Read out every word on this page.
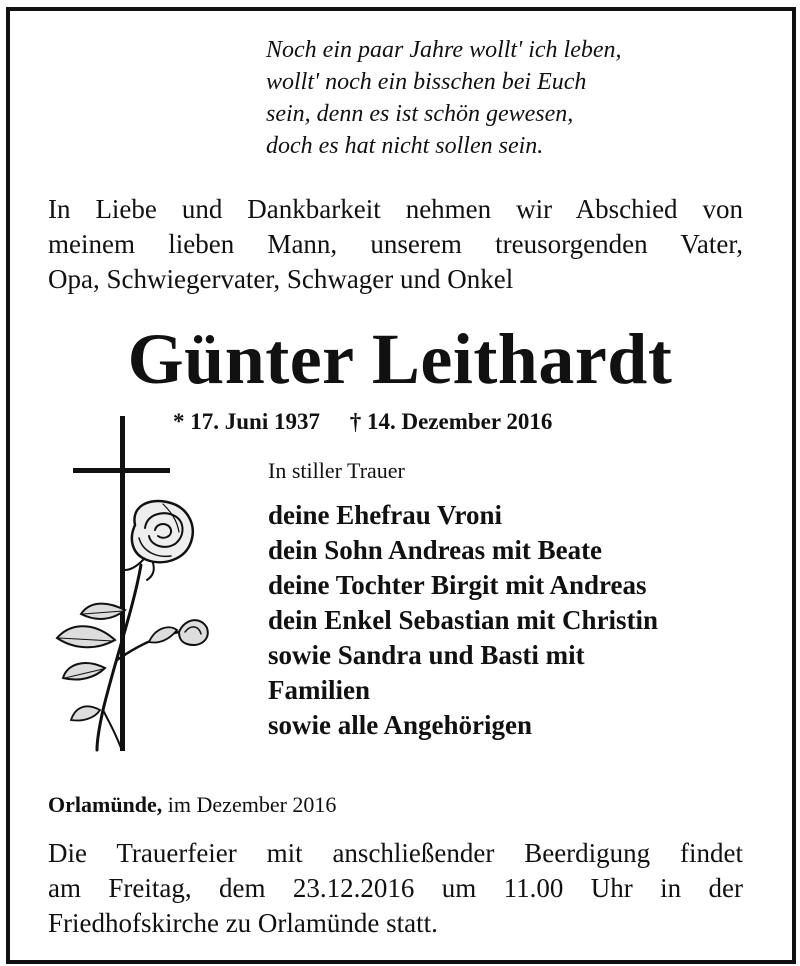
Noch ein paar Jahre wollt' ich leben,
wollt' noch ein bisschen bei Euch
sein, denn es ist schön gewesen,
doch es hat nicht sollen sein.
In Liebe und Dankbarkeit nehmen wir Abschied von
meinem lieben Mann, unserem treusorgenden Vater,
Opa, Schwiegervater, Schwager und Onkel
Günter Leithardt
* 17. Juni 1937 † 14. Dezember 2016
In stiller Trauer
deine Ehefrau Vroni
dein Sohn Andreas mit Beate
deine Tochter Birgit mit Andreas
dein Enkel Sebastian mit Christin
sowie Sandra und Basti mit
Familien
sowie alle Angehörigen
Orlamünde, im Dezember 2016
Die Trauerfeier mit anschließender Beerdigung findet
am Freitag, dem 23.12.2016 um 11.00 Uhr in der
Friedhofskirche zu Orlamünde statt.
